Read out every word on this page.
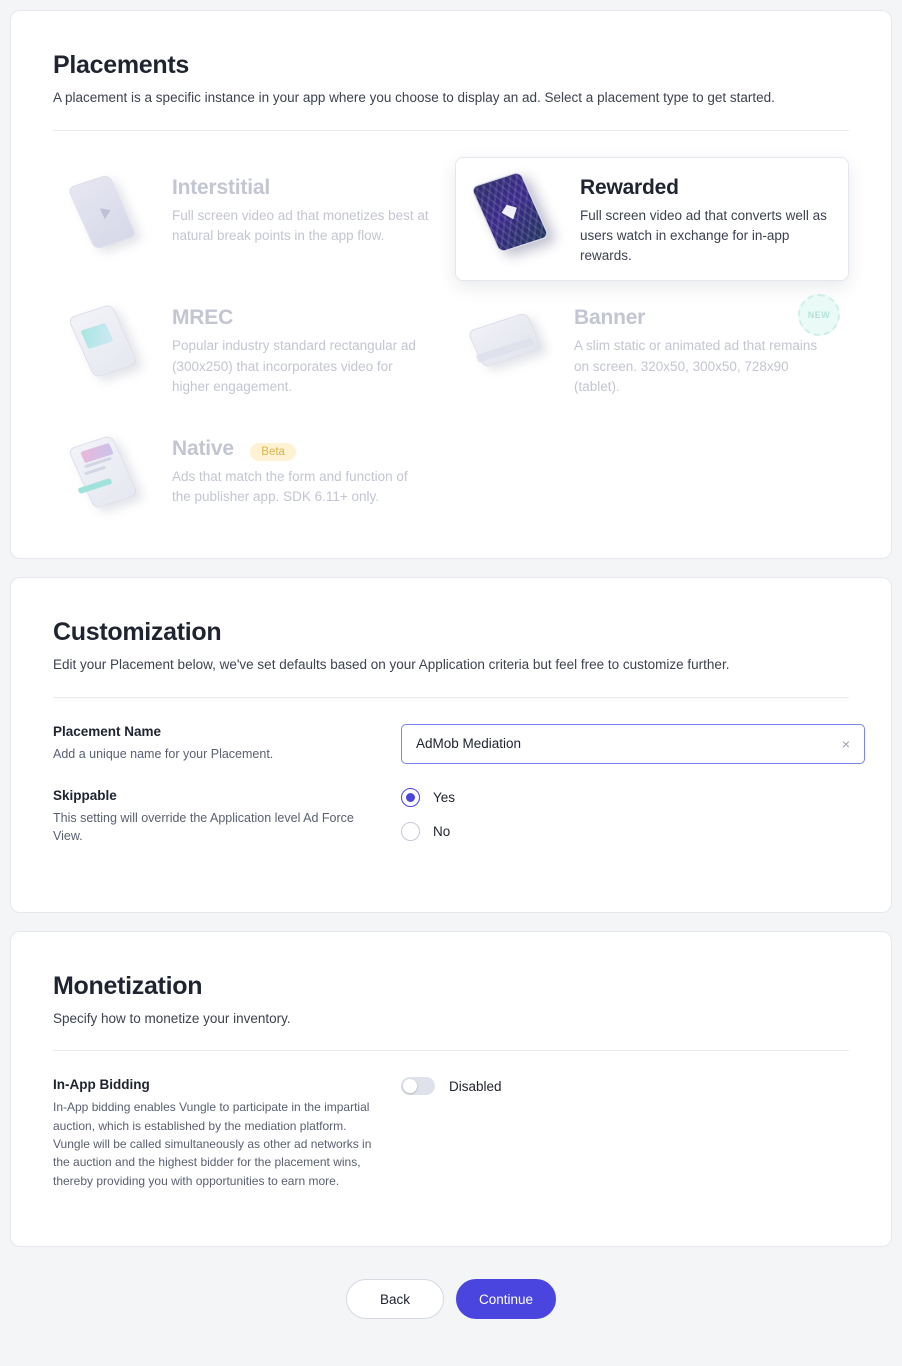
Placements

A placement is a specific instance in your app where you choose to display an ad. Select a placement type to get started.

Interstitial

Full screen video ad that monetizes best at natural break points in the app flow.

Rewarded

Full screen video ad that converts well as users watch in exchange for in-app rewards.

MREC

Popular industry standard rectangular ad (300x250) that incorporates video for higher engagement.

Banner

A slim static or animated ad that remains on screen. 320x50, 300x50, 728x90 (tablet).

NEW
Native Beta

Ads that match the form and function of the publisher app. SDK 6.11+ only.

Customization

Edit your Placement below, we've set defaults based on your Application criteria but feel free to customize further.

Placement Name
Add a unique name for your Placement.
AdMob Mediation
×
Skippable
This setting will override the Application level Ad Force View.
Yes
No
Monetization

Specify how to monetize your inventory.

In-App Bidding
In-App bidding enables Vungle to participate in the impartial auction, which is established by the mediation platform. Vungle will be called simultaneously as other ad networks in the auction and the highest bidder for the placement wins, thereby providing you with opportunities to earn more.
Disabled
Back	Continue
